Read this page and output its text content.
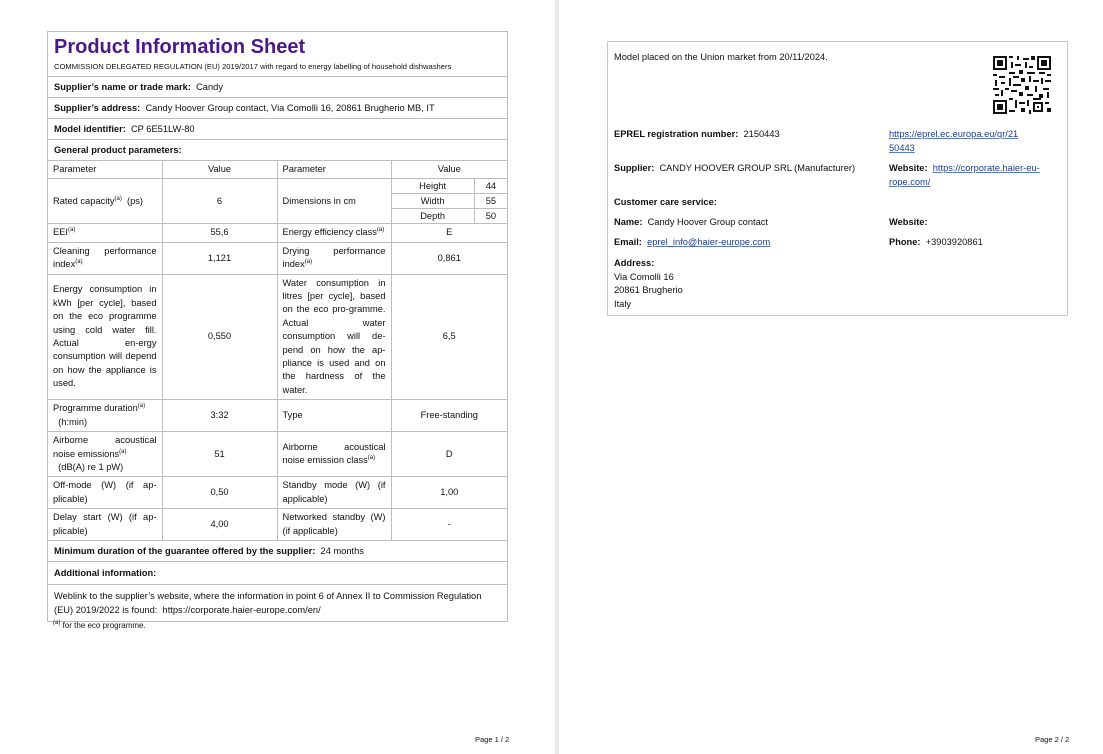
Product Information Sheet
COMMISSION DELEGATED REGULATION (EU) 2019/2017 with regard to energy labelling of household dishwashers
Supplier’s name or trade mark: Candy
Supplier’s address: Candy Hoover Group contact, Via Comolli 16, 20861 Brugherio MB, IT
Model identifier: CP 6E51LW-80
General product parameters:
Parameter	Value	Parameter	Value
Rated capacity$^{(a)}$ (ps)	6	Dimensions in cm	
Height	44
Width	55
Depth	50

EEI$^{(a)}$	55,6	Energy efficiency class$^{(a)}$	E
Cleaning performance index$^{(a)}$	1,121	Drying performance index$^{(a)}$	0,861
Energy consumption in kWh [per cycle], based on the eco programme using cold water fill. Actual en-ergy consumption will depend on how the appliance is used.	0,550	Water consumption in litres [per cycle], based on the eco pro-gramme. Actual water consumption will de-pend on how the ap-pliance is used and on the hardness of the water.	6,5
Programme duration$^{(a)}$
(h:min)	3:32	Type	Free-standing
Airborne acoustical noise emissions$^{(a)}$
(dB(A) re 1 pW)	51	Airborne acoustical noise emission class$^{(a)}$	D
Off-mode (W) (if ap-plicable)	0,50	Standby mode (W) (if applicable)	1,00
Delay start (W) (if ap-plicable)	4,00	Networked standby (W) (if applicable)	-
Minimum duration of the guarantee offered by the supplier: 24 months
Additional information:
Weblink to the supplier’s website, where the information in point 6 of Annex II to Commission Regulation (EU) 2019/2022 is found: https://corporate.haier-europe.com/en/
$^{(a)}$ for the eco programme.
Page 1 / 2
Model placed on the Union market from 20/11/2024.
EPREL registration number: 2150443	https://eprel.ec.europa.eu/qr/21
50443
Supplier: CANDY HOOVER GROUP SRL (Manufacturer)	Website: https://corporate.haier-eu-
rope.com/
Customer care service:
Name: Candy Hoover Group contact	Website:
Email: eprel_info@haier-europe.com	Phone: +3903920861
Address:
Via Comolli 16
20861 Brugherio
Italy
Page 2 / 2
